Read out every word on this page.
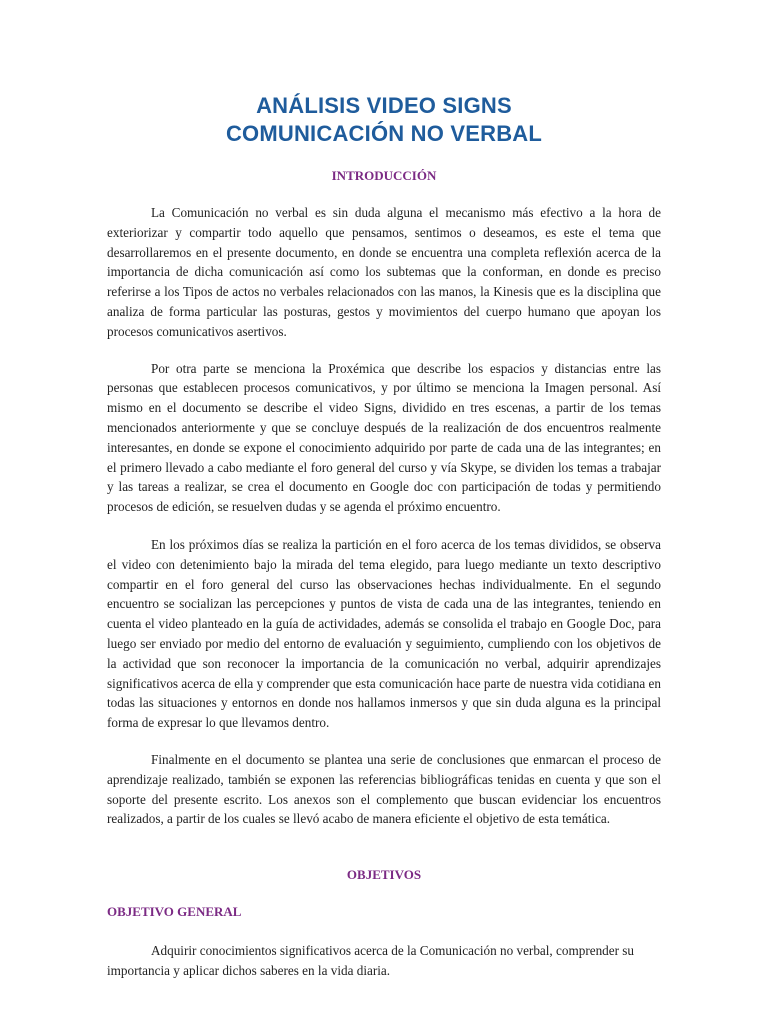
ANÁLISIS VIDEO SIGNS
COMUNICACIÓN NO VERBAL
INTRODUCCIÓN

La Comunicación no verbal es sin duda alguna el mecanismo más efectivo a la hora de exteriorizar y compartir todo aquello que pensamos, sentimos o deseamos, es este el tema que desarrollaremos en el presente documento, en donde se encuentra una completa reflexión acerca de la importancia de dicha comunicación así como los subtemas que la conforman, en donde es preciso referirse a los Tipos de actos no verbales relacionados con las manos, la Kinesis que es la disciplina que analiza de forma particular las posturas, gestos y movimientos del cuerpo humano que apoyan los procesos comunicativos asertivos.

Por otra parte se menciona la Proxémica que describe los espacios y distancias entre las personas que establecen procesos comunicativos, y por último se menciona la Imagen personal. Así mismo en el documento se describe el video Signs, dividido en tres escenas, a partir de los temas mencionados anteriormente y que se concluye después de la realización de dos encuentros realmente interesantes, en donde se expone el conocimiento adquirido por parte de cada una de las integrantes; en el primero llevado a cabo mediante el foro general del curso y vía Skype, se dividen los temas a trabajar y las tareas a realizar, se crea el documento en Google doc con participación de todas y permitiendo procesos de edición, se resuelven dudas y se agenda el próximo encuentro.

En los próximos días se realiza la partición en el foro acerca de los temas divididos, se observa el video con detenimiento bajo la mirada del tema elegido, para luego mediante un texto descriptivo compartir en el foro general del curso las observaciones hechas individualmente. En el segundo encuentro se socializan las percepciones y puntos de vista de cada una de las integrantes, teniendo en cuenta el video planteado en la guía de actividades, además se consolida el trabajo en Google Doc, para luego ser enviado por medio del entorno de evaluación y seguimiento, cumpliendo con los objetivos de la actividad que son reconocer la importancia de la comunicación no verbal, adquirir aprendizajes significativos acerca de ella y comprender que esta comunicación hace parte de nuestra vida cotidiana en todas las situaciones y entornos en donde nos hallamos inmersos y que sin duda alguna es la principal forma de expresar lo que llevamos dentro.

Finalmente en el documento se plantea una serie de conclusiones que enmarcan el proceso de aprendizaje realizado, también se exponen las referencias bibliográficas tenidas en cuenta y que son el soporte del presente escrito. Los anexos son el complemento que buscan evidenciar los encuentros realizados, a partir de los cuales se llevó acabo de manera eficiente el objetivo de esta temática.

OBJETIVOS
OBJETIVO GENERAL

Adquirir conocimientos significativos acerca de la Comunicación no verbal, comprender su importancia y aplicar dichos saberes en la vida diaria.
